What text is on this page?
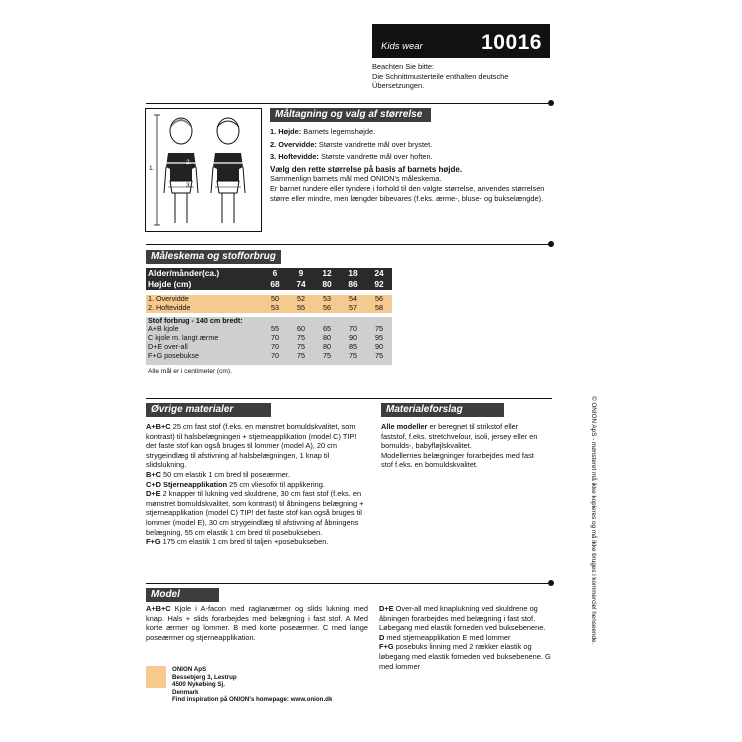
Kids wear	10016
Beachten Sie bitte:
Die Schnittmusterteile enthalten deutsche
Übersetzungen.
1.
2.
3.
Måltagning og valg af størrelse

1. Højde: Barnets legemshøjde.

2. Overvidde: Største vandrette mål over brystet.

3. Hoftevidde: Største vandrette mål over hoften.

Vælg den rette størrelse på basis af barnets højde.

Sammenlign barnets mål med ONION's måleskema.

Er barnet rundere eller tyndere i forhold til den valgte størrelse, anvendes størrelsen større eller mindre, men længder bibevares (f.eks. ærme-, bluse- og bukselængde).

Måleskema og stofforbrug
Alder/månder(ca.)	6	9	12	18	24
Højde (cm)	68	74	80	86	92

1. Overvidde	50	52	53	54	56
2. Hoftevidde	53	55	56	57	58

Stof forbrug - 140 cm bredt:					
A+B kjole	55	60	65	70	75
C kjole m. langt ærme	70	75	80	90	95
D+E over-all	70	75	80	85	90
F+G posebukse	70	75	75	75	75

Alle mål er i centimeter (cm).					
Øvrige materialer

A+B+C 25 cm fast stof (f.eks. en mønstret bomuldskvalitet, som kontrast) til halsbelægningen + stjerneapplikation (model C) TIP! det faste stof kan også bruges til lommer (model A), 20 cm strygeindlæg til afstivning af halsbelægningen, 1 knap til slidslukning.

B+C 50 cm elastik 1 cm bred til poseærmer.

C+D Stjerneapplikation 25 cm vliesofix til applikering.

D+E 2 knapper til lukning ved skuldrene, 30 cm fast stof (f.eks. en mønstret bomuldskvalitet, som kontrast) til åbningens belægning + stjerneapplikation (model C) TIP! det faste stof kan også bruges til lommer (model E), 30 cm strygeindlæg til afstivning af åbningens belægning, 55 cm elastik 1 cm bred til posebukseben.

F+G 175 cm elastik 1 cm bred til taljen +posebukseben.

Materialeforslag

Alle modeller er beregnet til strikstof eller faststof, f.eks. stretchvelour, isoli, jersey eller en bomulds-, babyfløjlskvalitet.

Modellernes belægninger forarbejdes med fast stof f.eks. en bomuldskvalitet.

Model

A+B+C Kjole i A-facon med raglanærmer og slids lukning med knap. Hals + slids forarbejdes med belægning i fast stof. A Med korte ærmer og lommer. B med korte poseærmer. C med lange poseærmer og stjerneapplikation.

D+E Over-all med knaplukning ved skuldrene og åbningen forarbejdes med belægning i fast stof. Løbegang med elastik forneden ved buksebenene.

D med stjerneapplikation E med lommer

F+G posebuks linning med 2 rækker elastik og løbegang med elastik forneden ved buksebenene. G med lommer

ONION ApS
Bessebjerg 3, Lestrup
4500 Nykøbing Sj.
Denmark
Find inspiration på ONION's homepage: www.onion.dk
© ONION ApS - mønsteret må ikke kopieres og må ikke bruges i kommerciel henseende.
